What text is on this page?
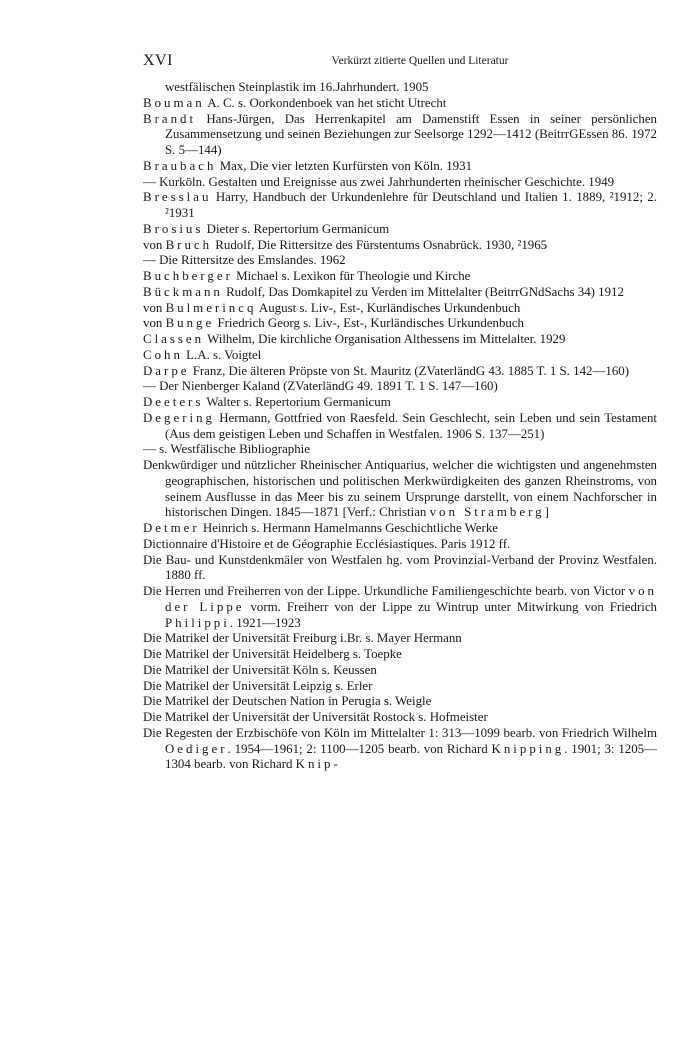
XVI	Verkürzt zitierte Quellen und Literatur
westfälischen Steinplastik im 16.Jahrhundert. 1905
Bouman A. C. s. Oorkondenboek van het sticht Utrecht
Brandt Hans-Jürgen, Das Herrenkapitel am Damenstift Essen in seiner persönlichen Zusammensetzung und seinen Beziehungen zur Seelsorge 1292—1412 (BeitrrGEssen 86. 1972 S. 5—144)
Braubach Max, Die vier letzten Kurfürsten von Köln. 1931
— Kurköln. Gestalten und Ereignisse aus zwei Jahrhunderten rheinischer Geschichte. 1949
Bresslau Harry, Handbuch der Urkundenlehre für Deutschland und Italien 1. 1889, ²1912; 2. ²1931
Brosius Dieter s. Repertorium Germanicum
von Bruch Rudolf, Die Rittersitze des Fürstentums Osnabrück. 1930, ²1965
— Die Rittersitze des Emslandes. 1962
Buchberger Michael s. Lexikon für Theologie und Kirche
Bückmann Rudolf, Das Domkapitel zu Verden im Mittelalter (BeitrrGNdSachs 34) 1912
von Bulmerincq August s. Liv-, Est-, Kurländisches Urkundenbuch
von Bunge Friedrich Georg s. Liv-, Est-, Kurländisches Urkundenbuch
Classen Wilhelm, Die kirchliche Organisation Althessens im Mittelalter. 1929
Cohn L.A. s. Voigtel
Darpe Franz, Die älteren Pröpste von St. Mauritz (ZVaterländG 43. 1885 T. 1 S. 142—160)
— Der Nienberger Kaland (ZVaterländG 49. 1891 T. 1 S. 147—160)
Deeters Walter s. Repertorium Germanicum
Degering Hermann, Gottfried von Raesfeld. Sein Geschlecht, sein Leben und sein Testament (Aus dem geistigen Leben und Schaffen in Westfalen. 1906 S. 137—251)
— s. Westfälische Bibliographie
Denkwürdiger und nützlicher Rheinischer Antiquarius, welcher die wichtigsten und angenehmsten geographischen, historischen und politischen Merkwürdigkeiten des ganzen Rheinstroms, von seinem Ausflusse in das Meer bis zu seinem Ursprunge darstellt, von einem Nachforscher in historischen Dingen. 1845—1871 [Verf.: Christian von Stramberg]
Detmer Heinrich s. Hermann Hamelmanns Geschichtliche Werke
Dictionnaire d'Histoire et de Géographie Ecclésiastiques. Paris 1912 ff.
Die Bau- und Kunstdenkmäler von Westfalen hg. vom Provinzial-Verband der Provinz Westfalen. 1880 ff.
Die Herren und Freiherren von der Lippe. Urkundliche Familiengeschichte bearb. von Victor von der Lippe vorm. Freiherr von der Lippe zu Wintrup unter Mitwirkung von Friedrich Philippi. 1921—1923
Die Matrikel der Universität Freiburg i.Br. s. Mayer Hermann
Die Matrikel der Universität Heidelberg s. Toepke
Die Matrikel der Universität Köln s. Keussen
Die Matrikel der Universität Leipzig s. Erler
Die Matrikel der Deutschen Nation in Perugia s. Weigle
Die Matrikel der Universität der Universität Rostock s. Hofmeister
Die Regesten der Erzbischöfe von Köln im Mittelalter 1: 313—1099 bearb. von Friedrich Wilhelm Oediger. 1954—1961; 2: 1100—1205 bearb. von Richard Knipping. 1901; 3: 1205—1304 bearb. von Richard Knip-
